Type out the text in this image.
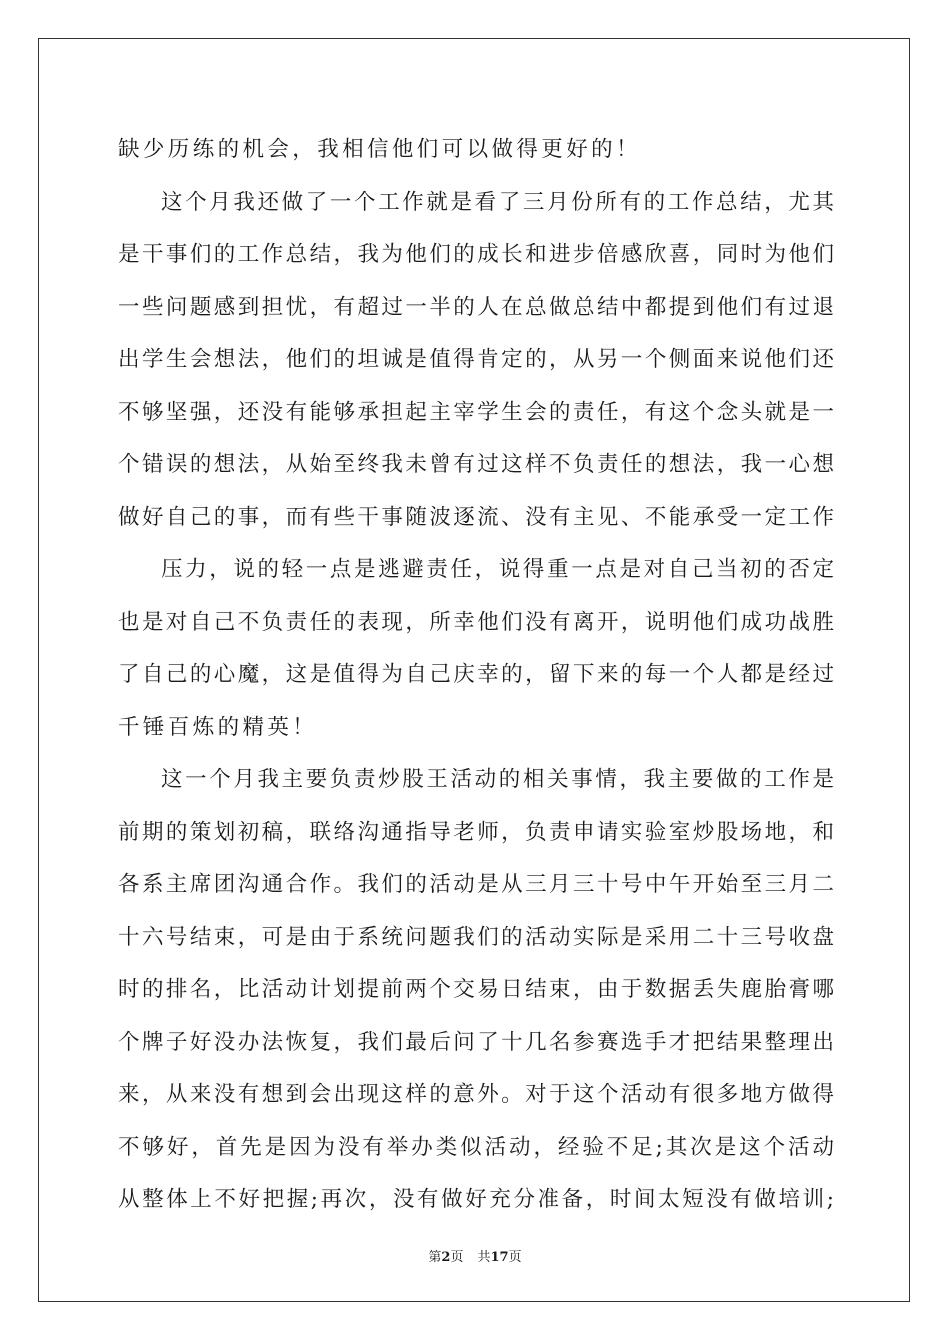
缺少历练的机会，我相信他们可以做得更好的！
这个月我还做了一个工作就是看了三月份所有的工作总结，尤其
是干事们的工作总结，我为他们的成长和进步倍感欣喜，同时为他们
一些问题感到担忧，有超过一半的人在总做总结中都提到他们有过退
出学生会想法，他们的坦诚是值得肯定的，从另一个侧面来说他们还
不够坚强，还没有能够承担起主宰学生会的责任，有这个念头就是一
个错误的想法，从始至终我未曾有过这样不负责任的想法，我一心想
做好自己的事，而有些干事随波逐流、没有主见、不能承受一定工作
压力，说的轻一点是逃避责任，说得重一点是对自己当初的否定
也是对自己不负责任的表现，所幸他们没有离开，说明他们成功战胜
了自己的心魔，这是值得为自己庆幸的，留下来的每一个人都是经过
千锤百炼的精英！
这一个月我主要负责炒股王活动的相关事情，我主要做的工作是
前期的策划初稿，联络沟通指导老师，负责申请实验室炒股场地，和
各系主席团沟通合作。我们的活动是从三月三十号中午开始至三月二
十六号结束，可是由于系统问题我们的活动实际是采用二十三号收盘
时的排名，比活动计划提前两个交易日结束，由于数据丢失鹿胎膏哪
个牌子好没办法恢复，我们最后问了十几名参赛选手才把结果整理出
来，从来没有想到会出现这样的意外。对于这个活动有很多地方做得
不够好，首先是因为没有举办类似活动，经验不足;其次是这个活动
从整体上不好把握;再次，没有做好充分准备，时间太短没有做培训;
第2页 共17页
